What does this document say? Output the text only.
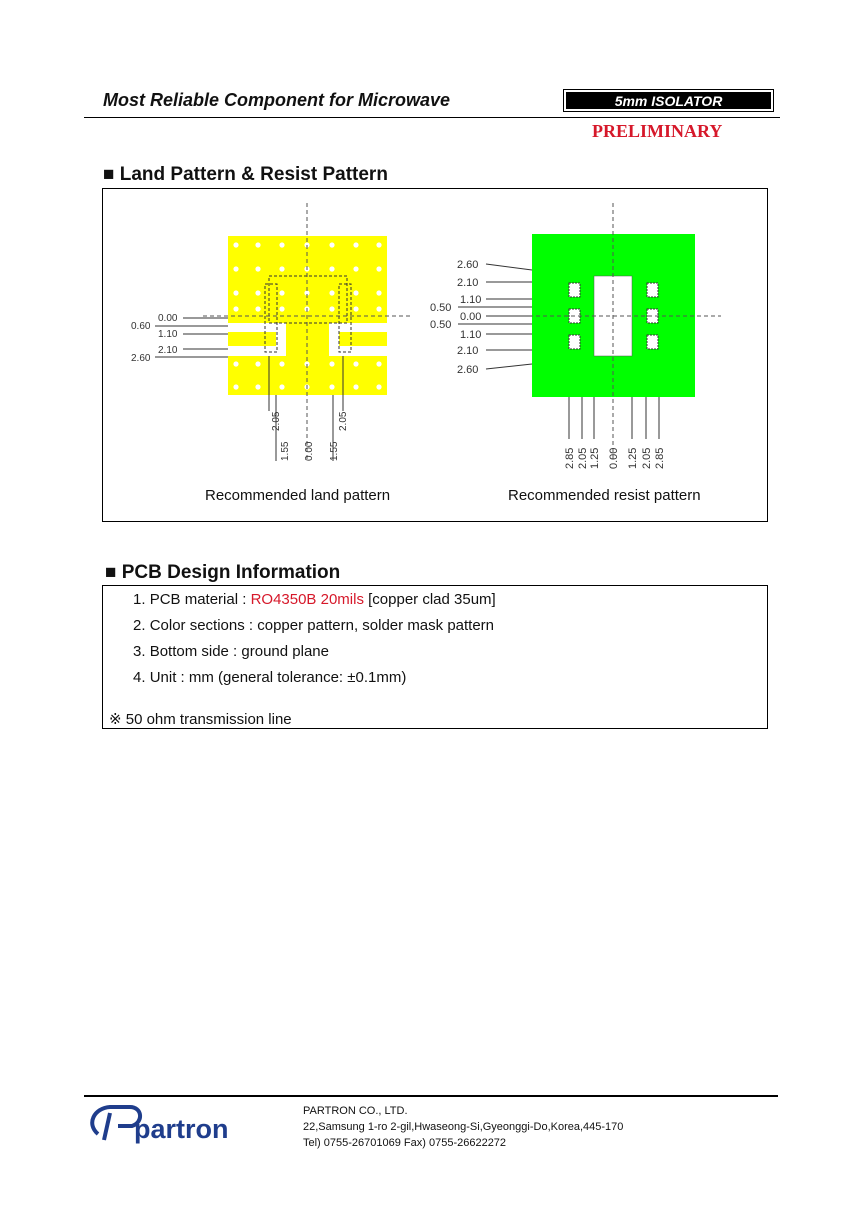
Most Reliable Component for Microwave	5mm ISOLATOR
PRELIMINARY
■ Land Pattern & Resist Pattern
0.00
0.60
1.10
2.10
2.60
2.05
1.55 0.00 1.55
2.05
2.60
2.10
1.10
0.50
0.00
0.50
1.10
2.10
2.60
2.85 2.05 1.25 0.00 1.25 2.05 2.85
Recommended land pattern	Recommended resist pattern
■ PCB Design Information
1. PCB material : RO4350B 20mils [copper clad 35um]
2. Color sections : copper pattern, solder mask pattern
3. Bottom side : ground plane
4. Unit : mm (general tolerance: ±0.1mm)
※ 50 ohm transmission line
partron
PARTRON CO., LTD.
22,Samsung 1-ro 2-gil,Hwaseong-Si,Gyeonggi-Do,Korea,445-170
Tel) 0755-26701069 Fax) 0755-26622272
